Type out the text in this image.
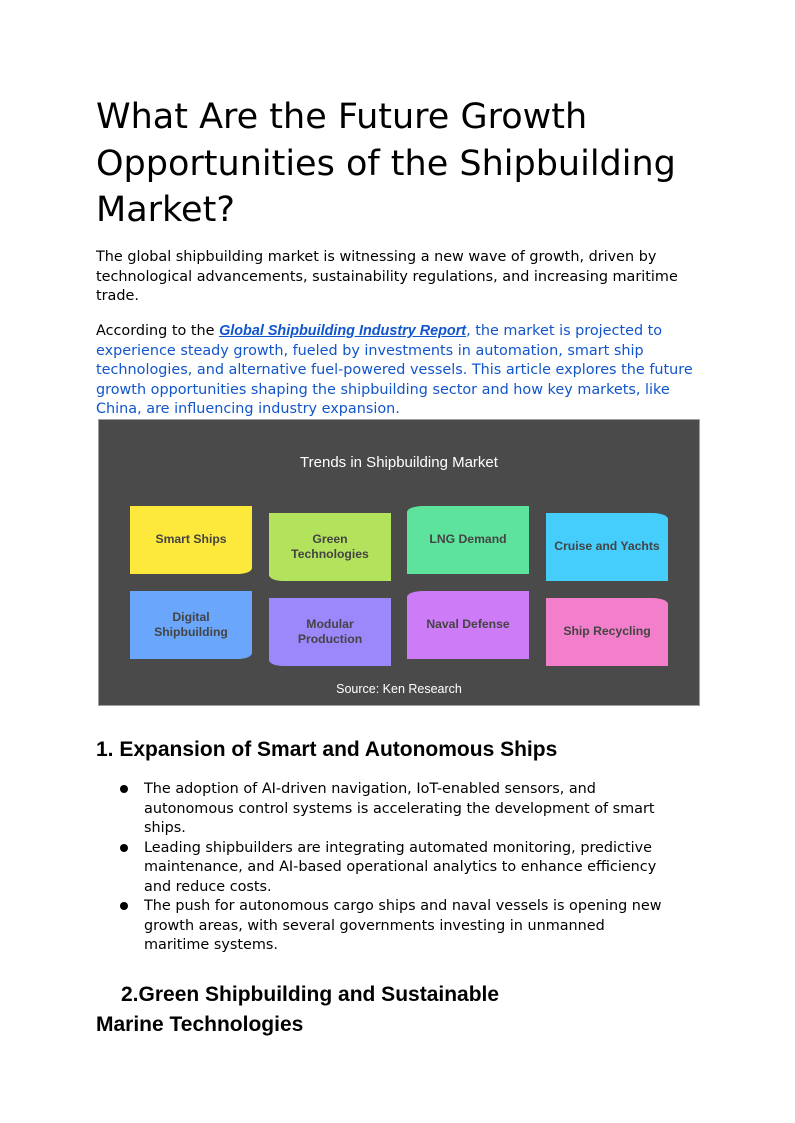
What Are the Future Growth Opportunities of the Shipbuilding Market?

The global shipbuilding market is witnessing a new wave of growth, driven by technological advancements, sustainability regulations, and increasing maritime trade.

According to the Global Shipbuilding Industry Report, the market is projected to experience steady growth, fueled by investments in automation, smart ship technologies, and alternative fuel-powered vessels. This article explores the future growth opportunities shaping the shipbuilding sector and how key markets, like China, are influencing industry expansion.

Trends in Shipbuilding Market
Smart Ships	Green Technologies
LNG Demand	Cruise and Yachts
Digital Shipbuilding
Modular Production
Naval Defense	Ship Recycling
Source: Ken Research
1. Expansion of Smart and Autonomous Ships
The adoption of AI-driven navigation, IoT-enabled sensors, and autonomous control systems is accelerating the development of smart ships.
Leading shipbuilders are integrating automated monitoring, predictive maintenance, and AI-based operational analytics to enhance efficiency and reduce costs.
The push for autonomous cargo ships and naval vessels is opening new growth areas, with several governments investing in unmanned maritime systems.
2.Green Shipbuilding and Sustainable
Marine Technologies
